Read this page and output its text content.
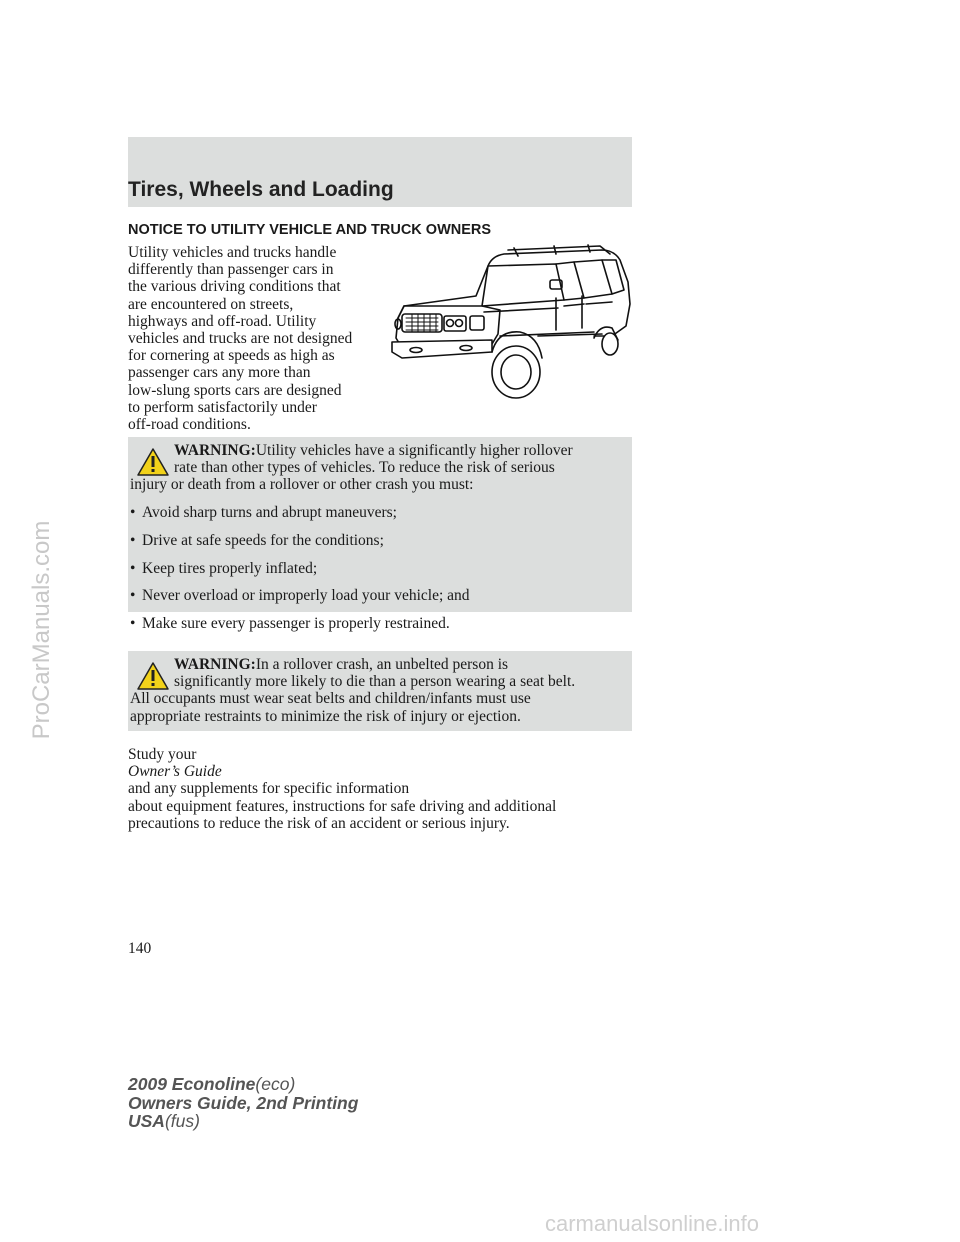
Tires, Wheels and Loading
NOTICE TO UTILITY VEHICLE AND TRUCK OWNERS
Utility vehicles and trucks handle
differently than passenger cars in
the various driving conditions that
are encountered on streets,
highways and off-road. Utility
vehicles and trucks are not designed
for cornering at speeds as high as
passenger cars any more than
low-slung sports cars are designed
to perform satisfactorily under
off-road conditions.
WARNING:Utility vehicles have a significantly higher rollover
rate than other types of vehicles. To reduce the risk of serious
injury or death from a rollover or other crash you must:
• Avoid sharp turns and abrupt maneuvers;
• Drive at safe speeds for the conditions;
• Keep tires properly inflated;
• Never overload or improperly load your vehicle; and
• Make sure every passenger is properly restrained.
WARNING:In a rollover crash, an unbelted person is
significantly more likely to die than a person wearing a seat belt.
All occupants must wear seat belts and children/infants must use
appropriate restraints to minimize the risk of injury or ejection.
Study your
Owner’s Guide
and any supplements for specific information
about equipment features, instructions for safe driving and additional
precautions to reduce the risk of an accident or serious injury.
140
2009 Econoline(eco)
Owners Guide, 2nd Printing
USA(fus)
ProCarManuals.com
carmanualsonline.info
